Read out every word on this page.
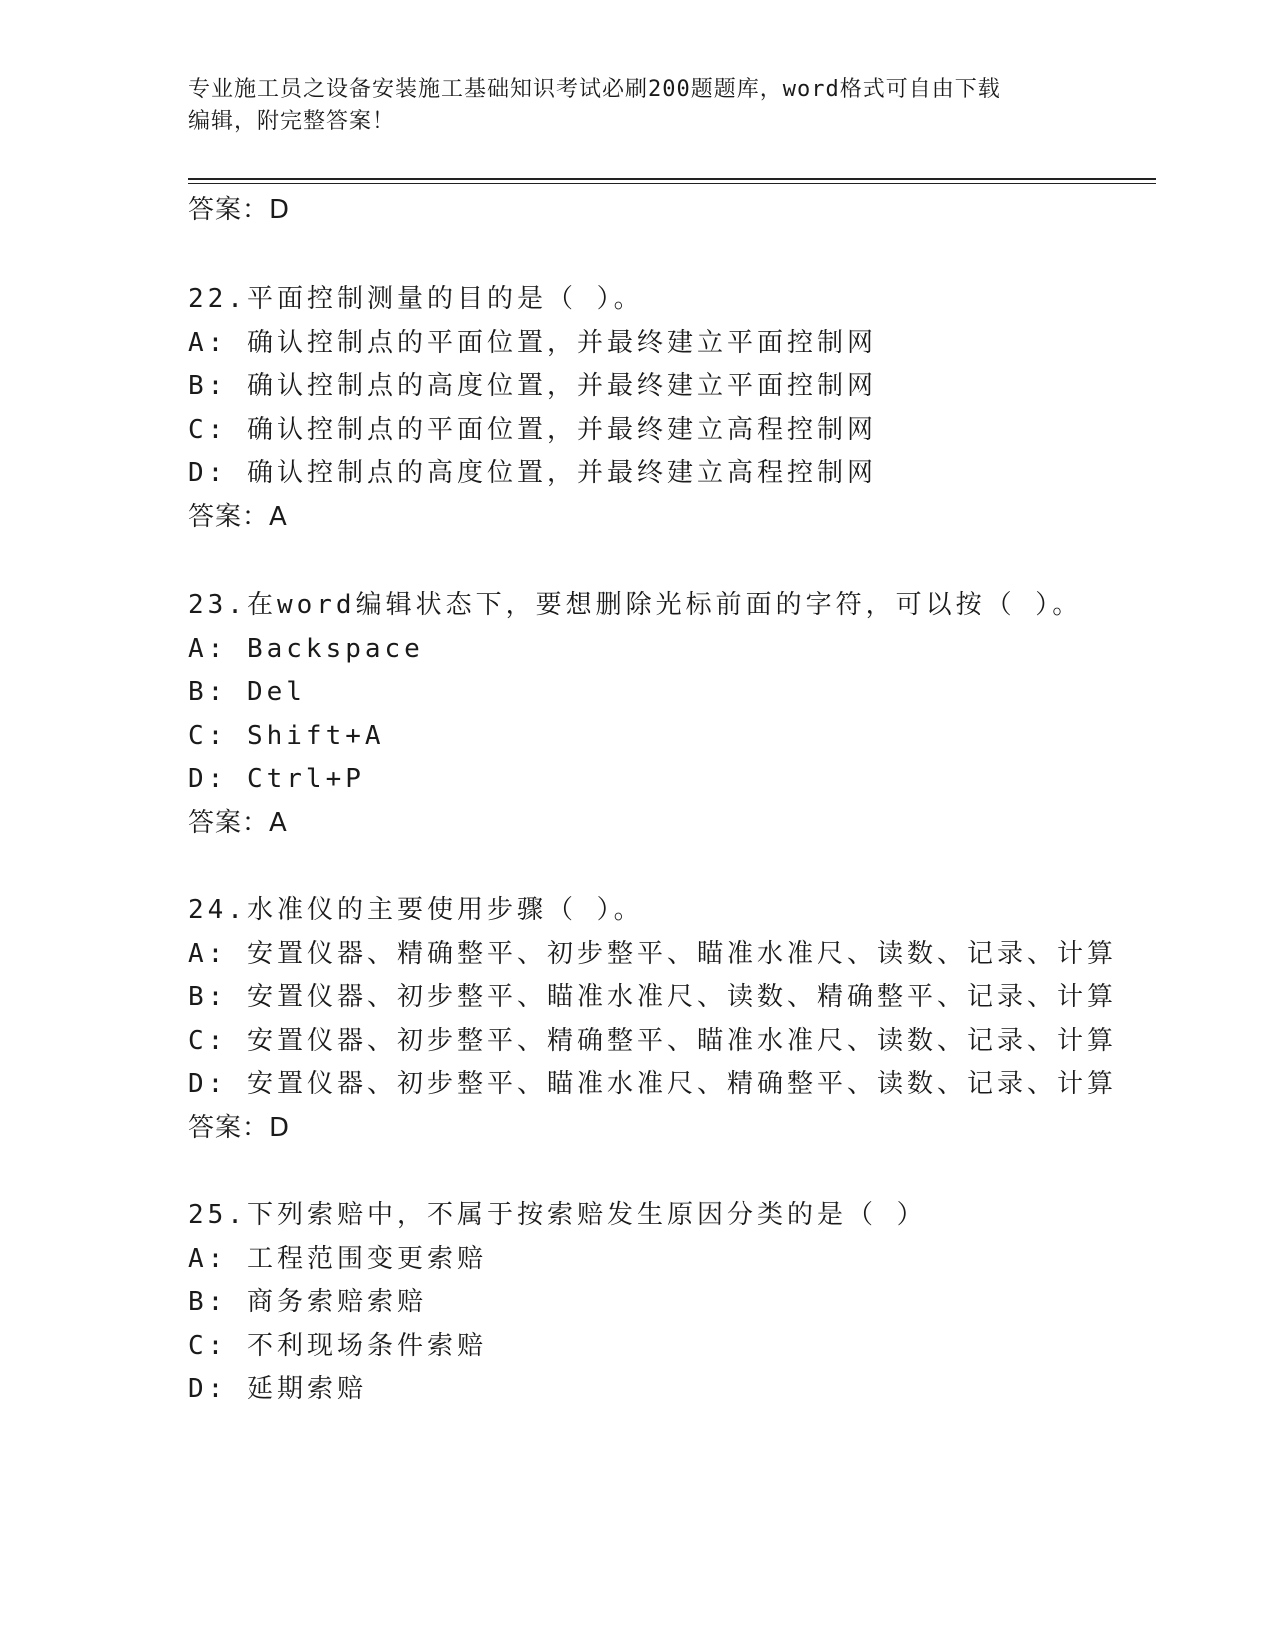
专业施工员之设备安装施工基础知识考试必刷200题题库，word格式可自由下载
编辑，附完整答案！
答案：D
22.平面控制测量的目的是（ ）。
A: 确认控制点的平面位置，并最终建立平面控制网
B: 确认控制点的高度位置，并最终建立平面控制网
C: 确认控制点的平面位置，并最终建立高程控制网
D: 确认控制点的高度位置，并最终建立高程控制网
答案：A
23.在word编辑状态下，要想删除光标前面的字符，可以按（ ）。
A: Backspace
B: Del
C: Shift+A
D: Ctrl+P
答案：A
24.水准仪的主要使用步骤（ ）。
A: 安置仪器、精确整平、初步整平、瞄准水准尺、读数、记录、计算
B: 安置仪器、初步整平、瞄准水准尺、读数、精确整平、记录、计算
C: 安置仪器、初步整平、精确整平、瞄准水准尺、读数、记录、计算
D: 安置仪器、初步整平、瞄准水准尺、精确整平、读数、记录、计算
答案：D
25.下列索赔中，不属于按索赔发生原因分类的是（ ）
A: 工程范围变更索赔
B: 商务索赔索赔
C: 不利现场条件索赔
D: 延期索赔
